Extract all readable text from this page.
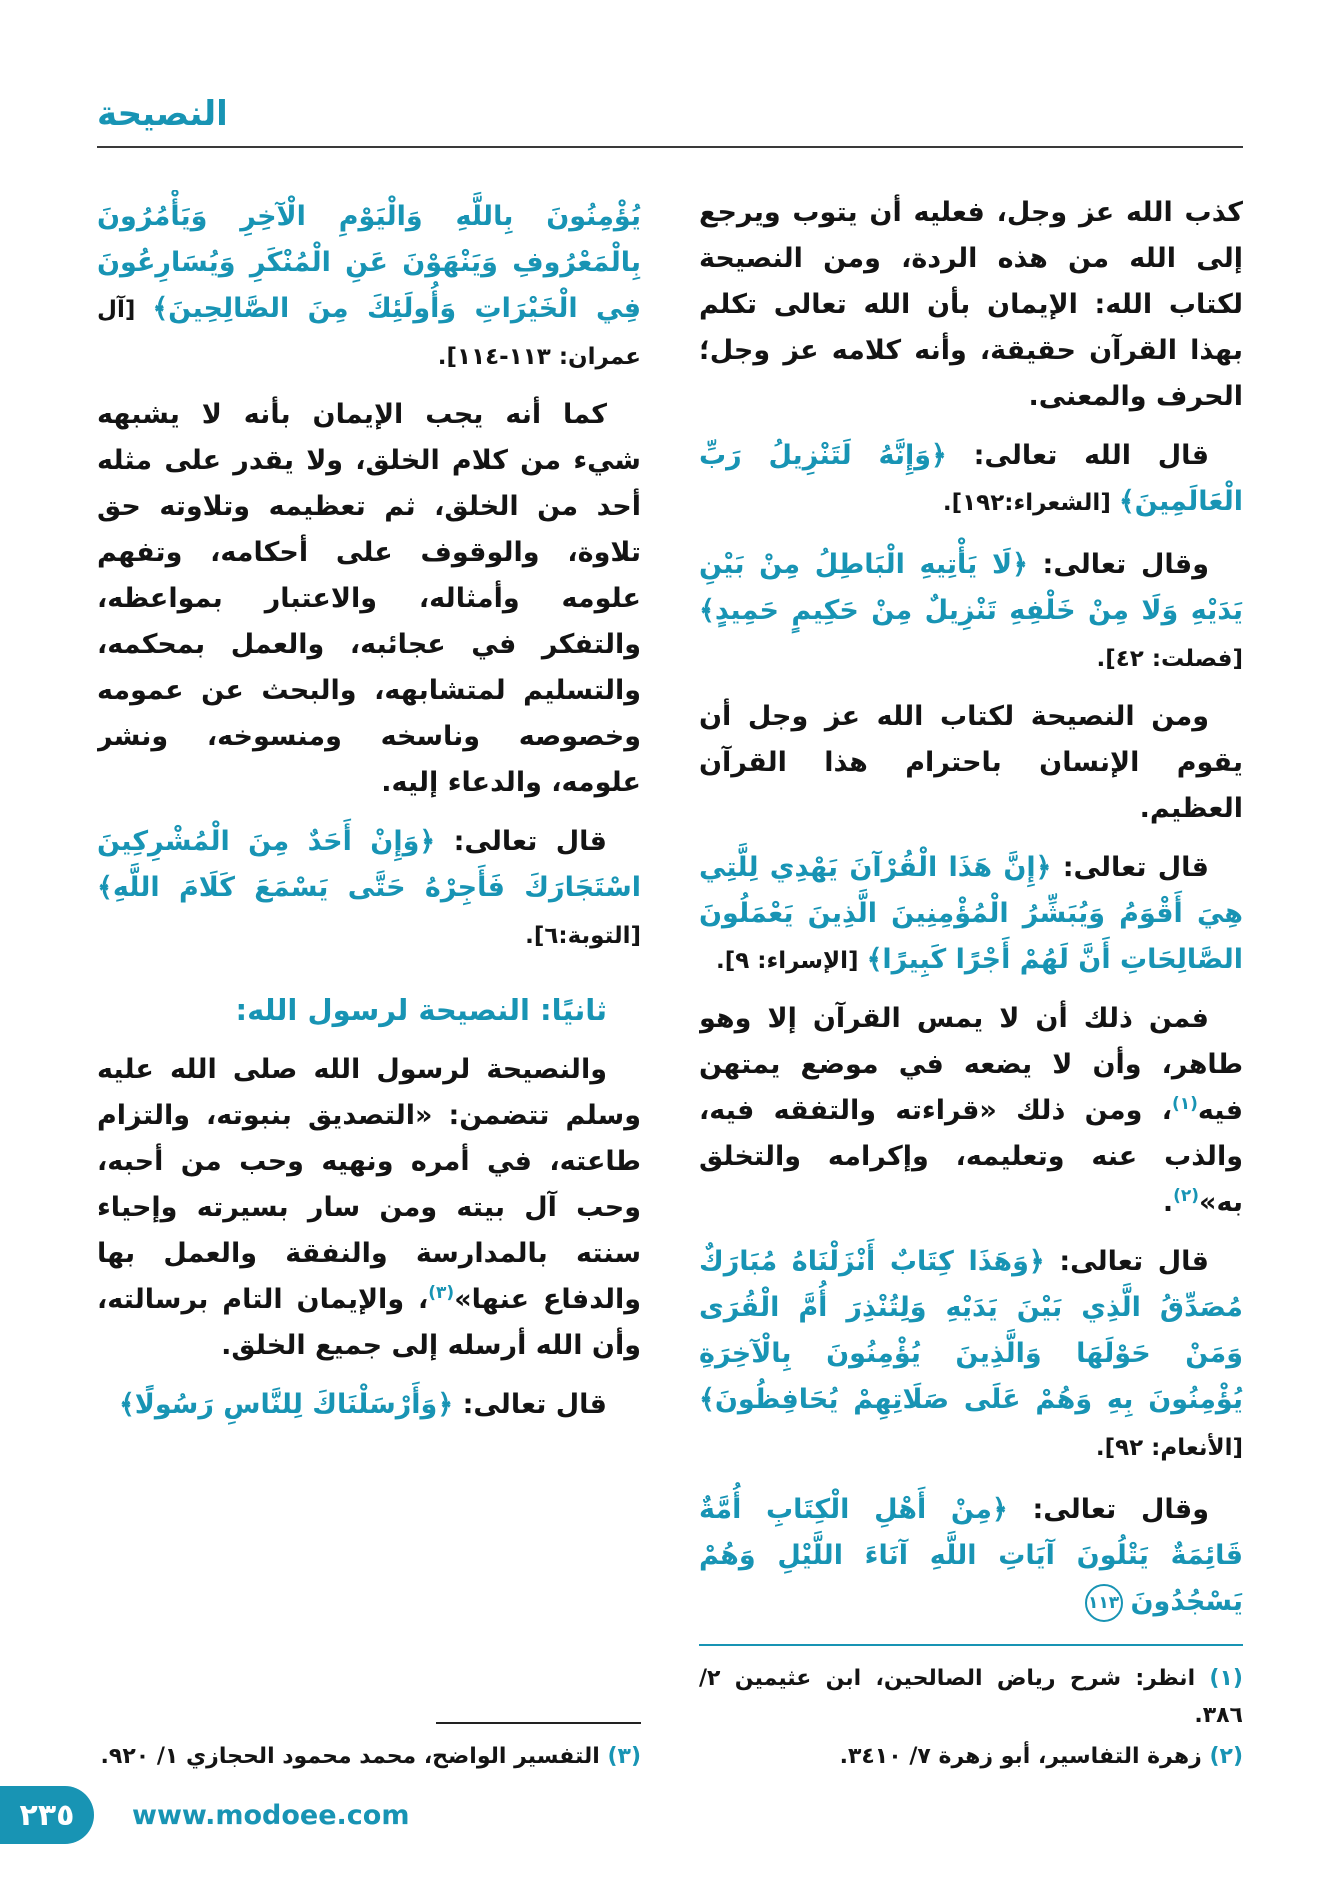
النصيحة

كذب الله عز وجل، فعليه أن يتوب ويرجع إلى الله من هذه الردة، ومن النصيحة لكتاب الله: الإيمان بأن الله تعالى تكلم بهذا القرآن حقيقة، وأنه كلامه عز وجل؛ الحرف والمعنى.

قال الله تعالى: ﴿وَإِنَّهُ لَتَنْزِيلُ رَبِّ الْعَالَمِينَ﴾ [الشعراء:١٩٢].

وقال تعالى: ﴿لَا يَأْتِيهِ الْبَاطِلُ مِنْ بَيْنِ يَدَيْهِ وَلَا مِنْ خَلْفِهِ تَنْزِيلٌ مِنْ حَكِيمٍ حَمِيدٍ﴾ [فصلت: ٤٢].

ومن النصيحة لكتاب الله عز وجل أن يقوم الإنسان باحترام هذا القرآن العظيم.

قال تعالى: ﴿إِنَّ هَذَا الْقُرْآنَ يَهْدِي لِلَّتِي هِيَ أَقْوَمُ وَيُبَشِّرُ الْمُؤْمِنِينَ الَّذِينَ يَعْمَلُونَ الصَّالِحَاتِ أَنَّ لَهُمْ أَجْرًا كَبِيرًا﴾ [الإسراء: ٩].

فمن ذلك أن لا يمس القرآن إلا وهو طاهر، وأن لا يضعه في موضع يمتهن فيه$^{(١)}$، ومن ذلك «قراءته والتفقه فيه، والذب عنه وتعليمه، وإكرامه والتخلق به»$^{(٢)}$.

قال تعالى: ﴿وَهَذَا كِتَابٌ أَنْزَلْنَاهُ مُبَارَكٌ مُصَدِّقُ الَّذِي بَيْنَ يَدَيْهِ وَلِتُنْذِرَ أُمَّ الْقُرَى وَمَنْ حَوْلَهَا وَالَّذِينَ يُؤْمِنُونَ بِالْآخِرَةِ يُؤْمِنُونَ بِهِ وَهُمْ عَلَى صَلَاتِهِمْ يُحَافِظُونَ﴾ [الأنعام: ٩٢].

وقال تعالى: ﴿مِنْ أَهْلِ الْكِتَابِ أُمَّةٌ قَائِمَةٌ يَتْلُونَ آيَاتِ اللَّهِ آنَاءَ اللَّيْلِ وَهُمْ يَسْجُدُونَ١١٣

(١) انظر: شرح رياض الصالحين، ابن عثيمين ٢/ ٣٨٦.

(٢) زهرة التفاسير، أبو زهرة ٧/ ٣٤١٠.

يُؤْمِنُونَ بِاللَّهِ وَالْيَوْمِ الْآخِرِ وَيَأْمُرُونَ بِالْمَعْرُوفِ وَيَنْهَوْنَ عَنِ الْمُنْكَرِ وَيُسَارِعُونَ فِي الْخَيْرَاتِ وَأُولَئِكَ مِنَ الصَّالِحِينَ﴾ [آل عمران: ١١٣-١١٤].

كما أنه يجب الإيمان بأنه لا يشبهه شيء من كلام الخلق، ولا يقدر على مثله أحد من الخلق، ثم تعظيمه وتلاوته حق تلاوة، والوقوف على أحكامه، وتفهم علومه وأمثاله، والاعتبار بمواعظه، والتفكر في عجائبه، والعمل بمحكمه، والتسليم لمتشابهه، والبحث عن عمومه وخصوصه وناسخه ومنسوخه، ونشر علومه، والدعاء إليه.

قال تعالى: ﴿وَإِنْ أَحَدٌ مِنَ الْمُشْرِكِينَ اسْتَجَارَكَ فَأَجِرْهُ حَتَّى يَسْمَعَ كَلَامَ اللَّهِ﴾ [التوبة:٦].

ثانيًا: النصيحة لرسول الله:

والنصيحة لرسول الله صلى الله عليه وسلم تتضمن: «التصديق بنبوته، والتزام طاعته، في أمره ونهيه وحب من أحبه، وحب آل بيته ومن سار بسيرته وإحياء سنته بالمدارسة والنفقة والعمل بها والدفاع عنها»$^{(٣)}$، والإيمان التام برسالته، وأن الله أرسله إلى جميع الخلق.

قال تعالى: ﴿وَأَرْسَلْنَاكَ لِلنَّاسِ رَسُولًا﴾

(٣) التفسير الواضح، محمد محمود الحجازي ١/ ٩٢٠.

٢٣٥	www.modoee.com
